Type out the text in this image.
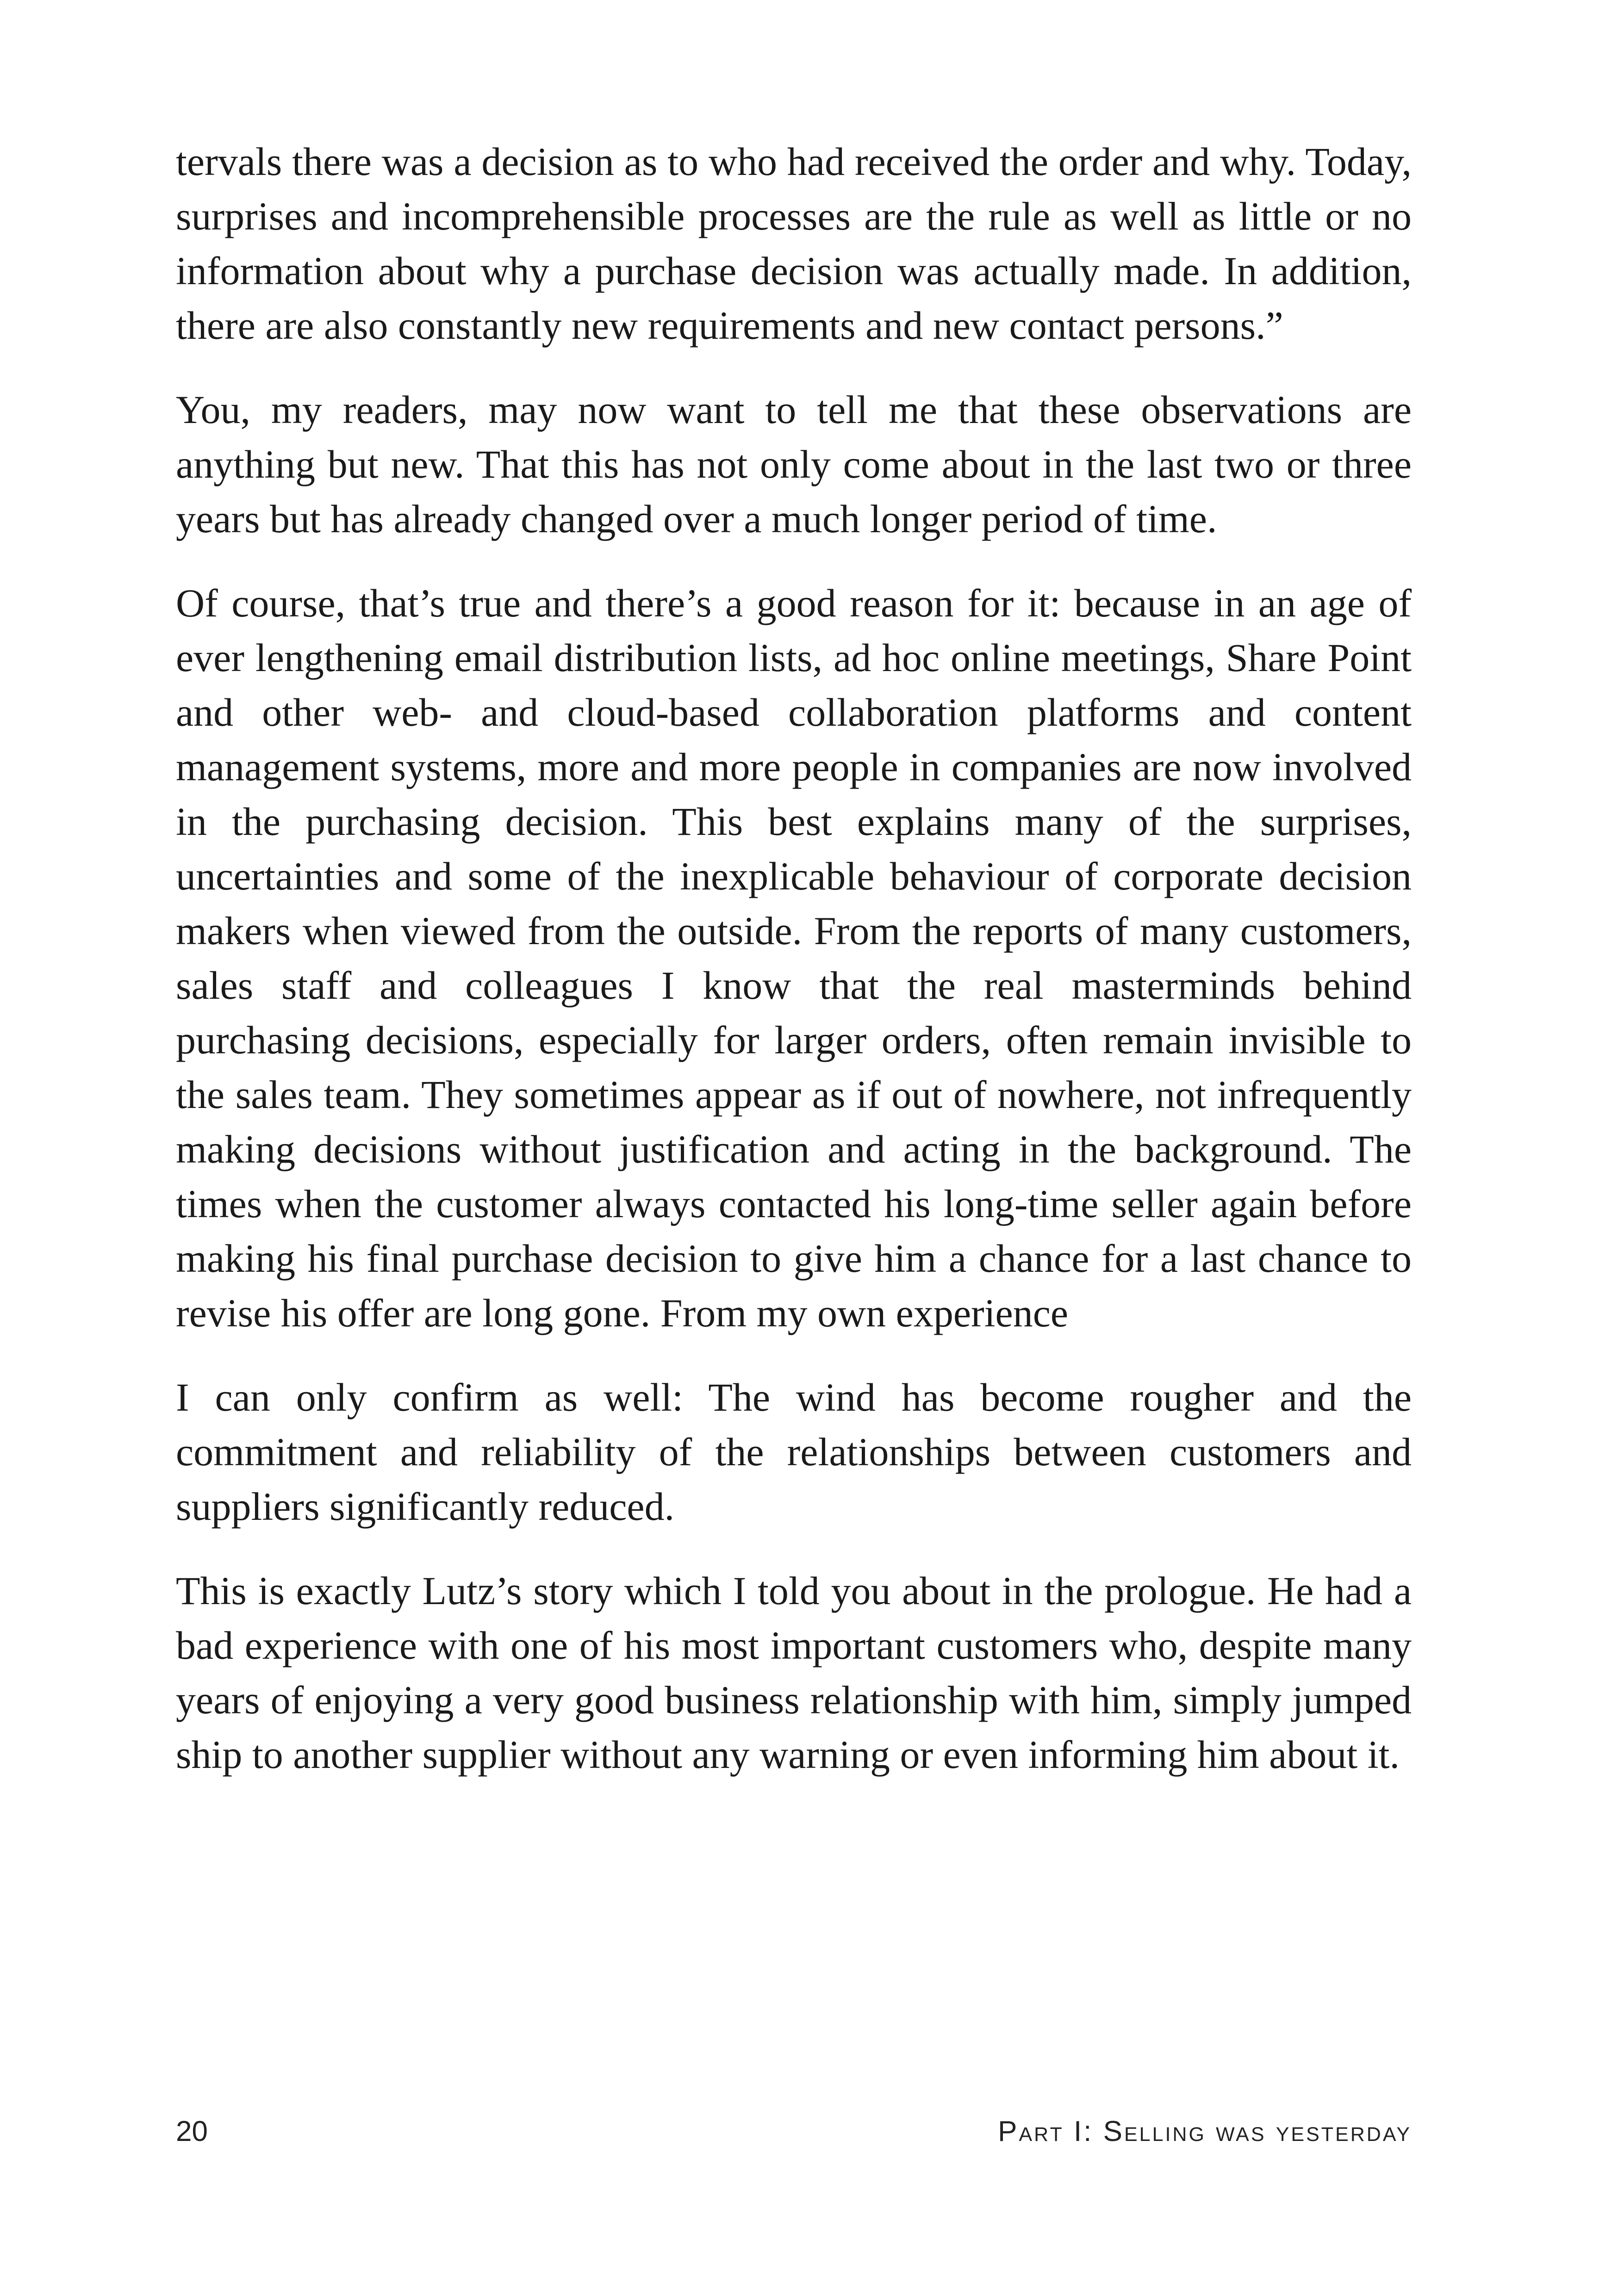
tervals there was a decision as to who had received the order and why. Today, surprises and incomprehensible processes are the rule as well as little or no information about why a purchase decision was actually made. In addition, there are also constantly new requirements and new contact persons.”

You, my readers, may now want to tell me that these observations are anything but new. That this has not only come about in the last two or three years but has already changed over a much longer period of time.

Of course, that’s true and there’s a good reason for it: because in an age of ever lengthening email distribution lists, ad hoc online meetings, Share Point and other web- and cloud-based collaboration platforms and content management systems, more and more people in companies are now involved in the purchasing decision. This best explains many of the surprises, uncertainties and some of the inexplicable behaviour of corporate decision makers when viewed from the outside. From the reports of many customers, sales staff and colleagues I know that the real masterminds behind purchasing decisions, especially for larger orders, often remain invisible to the sales team. They sometimes appear as if out of nowhere, not infrequently making decisions without justification and acting in the background. The times when the customer always contacted his long-time seller again before making his final purchase decision to give him a chance for a last chance to revise his offer are long gone. From my own experience

I can only confirm as well: The wind has become rougher and the commitment and reliability of the relationships between customers and suppliers significantly reduced.

This is exactly Lutz’s story which I told you about in the prologue. He had a bad experience with one of his most important customers who, despite many years of enjoying a very good business relationship with him, simply jumped ship to another supplier without any warning or even informing him about it.

20	Part I: Selling was yesterday
